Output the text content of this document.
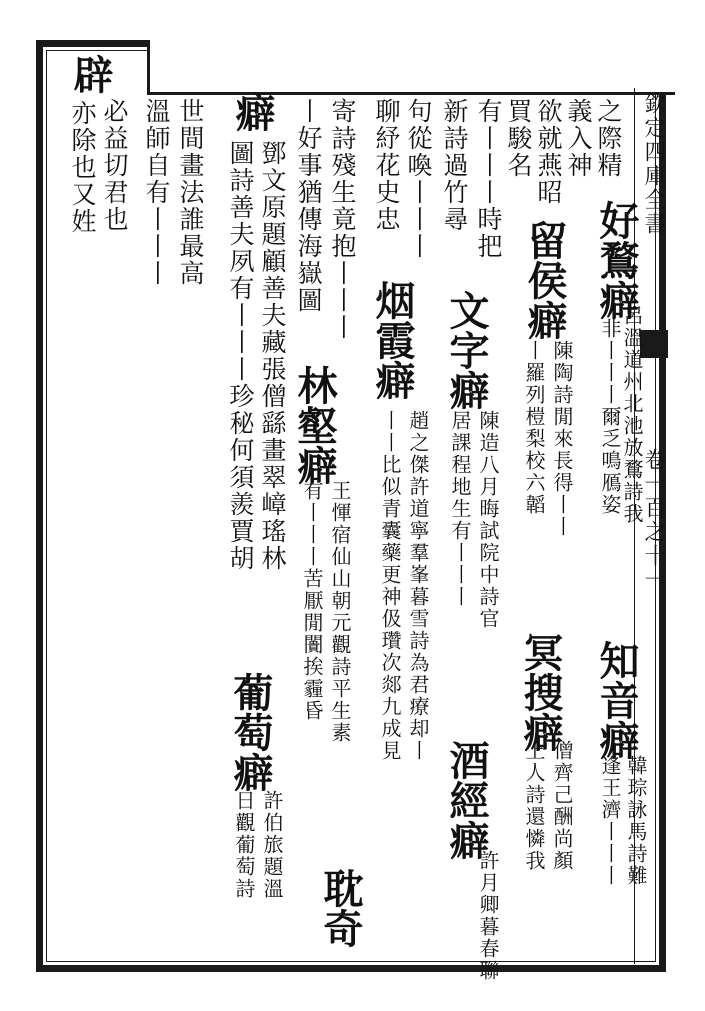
欽定四庫全書
卷一百之十一
之際精
好鶩癖
呂溫道州北池放鶩詩我
非丨丨丨爾乏鳴鴈姿
知音癖
韓琮詠馬詩難
逢王濟丨丨丨
義入神
欲就燕昭
買駿名
留侯癖
陳陶詩閒來長得丨丨
丨羅列榿梨校六韜
冥搜癖
僧齊己酬尚顏
上人詩還憐我
有丨丨丨時把
新詩過竹尋
文字癖
陳造八月晦試院中詩官
居課程地生有丨丨丨
酒經癖
許月卿暮春聯
句從喚丨丨丨
聊紓花史忠
烟霞癖
趙之傑許道寧羣峯暮雪詩為君療却丨
丨丨比似青囊藥更神伋瓚次郯九成見
寄詩殘生竟抱丨丨丨
丨好事猶傳海嶽圖
林壑癖
王惲宿仙山朝元觀詩平生素
有丨丨丨苦厭閒闠挨霾昏
耽奇
癖
鄧文原題顧善夫藏張僧繇畫翠嶂瑤林
圖詩善夫夙有丨丨丨珍秘何須羨賈胡
葡萄癖
許伯旅題溫
日觀葡萄詩
世間畫法誰最高
溫師自有丨丨丨
辟
必益切君也
亦除也又姓
